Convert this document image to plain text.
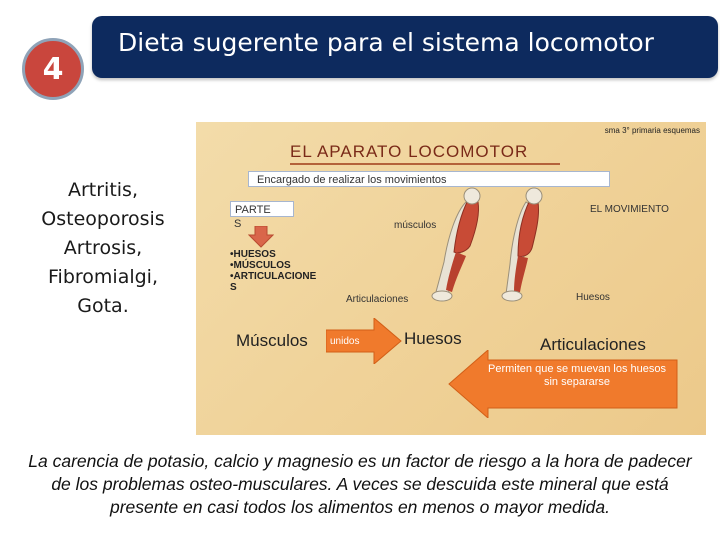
4
Dieta sugerente para el sistema locomotor
Artritis,
Osteoporosis
Artrosis,
Fibromialgi,
Gota.
sma 3° primaria esquemas
EL APARATO LOCOMOTOR
Encargado de realizar los movimientos
PARTE
S
•HUESOS
•MÚSCULOS
•ARTICULACIONE
S
músculos
EL MOVIMIENTO
Articulaciones	Huesos
unidos
Músculos	Huesos	Articulaciones
Permiten que se muevan los huesos sin separarse
La carencia de potasio, calcio y magnesio es un factor de riesgo a la hora de padecer de los problemas osteo-musculares. A veces se descuida este mineral que está presente en casi todos los alimentos en menos o mayor medida.
